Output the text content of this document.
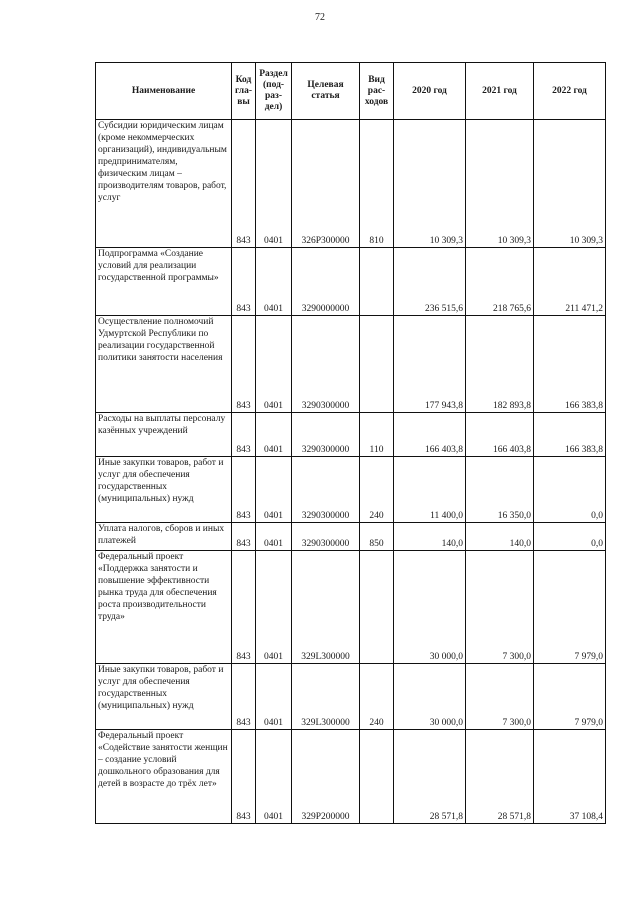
72
Наименование	Код гла- вы	Раздел (под- раз- дел)	Целевая статья	Вид рас- ходов	2020 год	2021 год	2022 год
Субсидии юридическим лицам (кроме некоммерческих организаций), индивидуальным предпринимателям, физическим лицам – производителям товаров, работ, услуг	843	0401	326P300000	810	10 309,3	10 309,3	10 309,3
Подпрограмма «Создание условий для реализации государственной программы»	843	0401	3290000000		236 515,6	218 765,6	211 471,2
Осуществление полномочий Удмуртской Республики по реализации государственной политики занятости населения	843	0401	3290300000		177 943,8	182 893,8	166 383,8
Расходы на выплаты персоналу казённых учреждений	843	0401	3290300000	110	166 403,8	166 403,8	166 383,8
Иные закупки товаров, работ и услуг для обеспечения государственных (муниципальных) нужд	843	0401	3290300000	240	11 400,0	16 350,0	0,0
Уплата налогов, сборов и иных платежей	843	0401	3290300000	850	140,0	140,0	0,0
Федеральный проект «Поддержка занятости и повышение эффективности рынка труда для обеспечения роста производительности труда»	843	0401	329L300000		30 000,0	7 300,0	7 979,0
Иные закупки товаров, работ и услуг для обеспечения государственных (муниципальных) нужд	843	0401	329L300000	240	30 000,0	7 300,0	7 979,0
Федеральный проект «Содействие занятости женщин – создание условий дошкольного образования для детей в возрасте до трёх лет»	843	0401	329P200000		28 571,8	28 571,8	37 108,4
